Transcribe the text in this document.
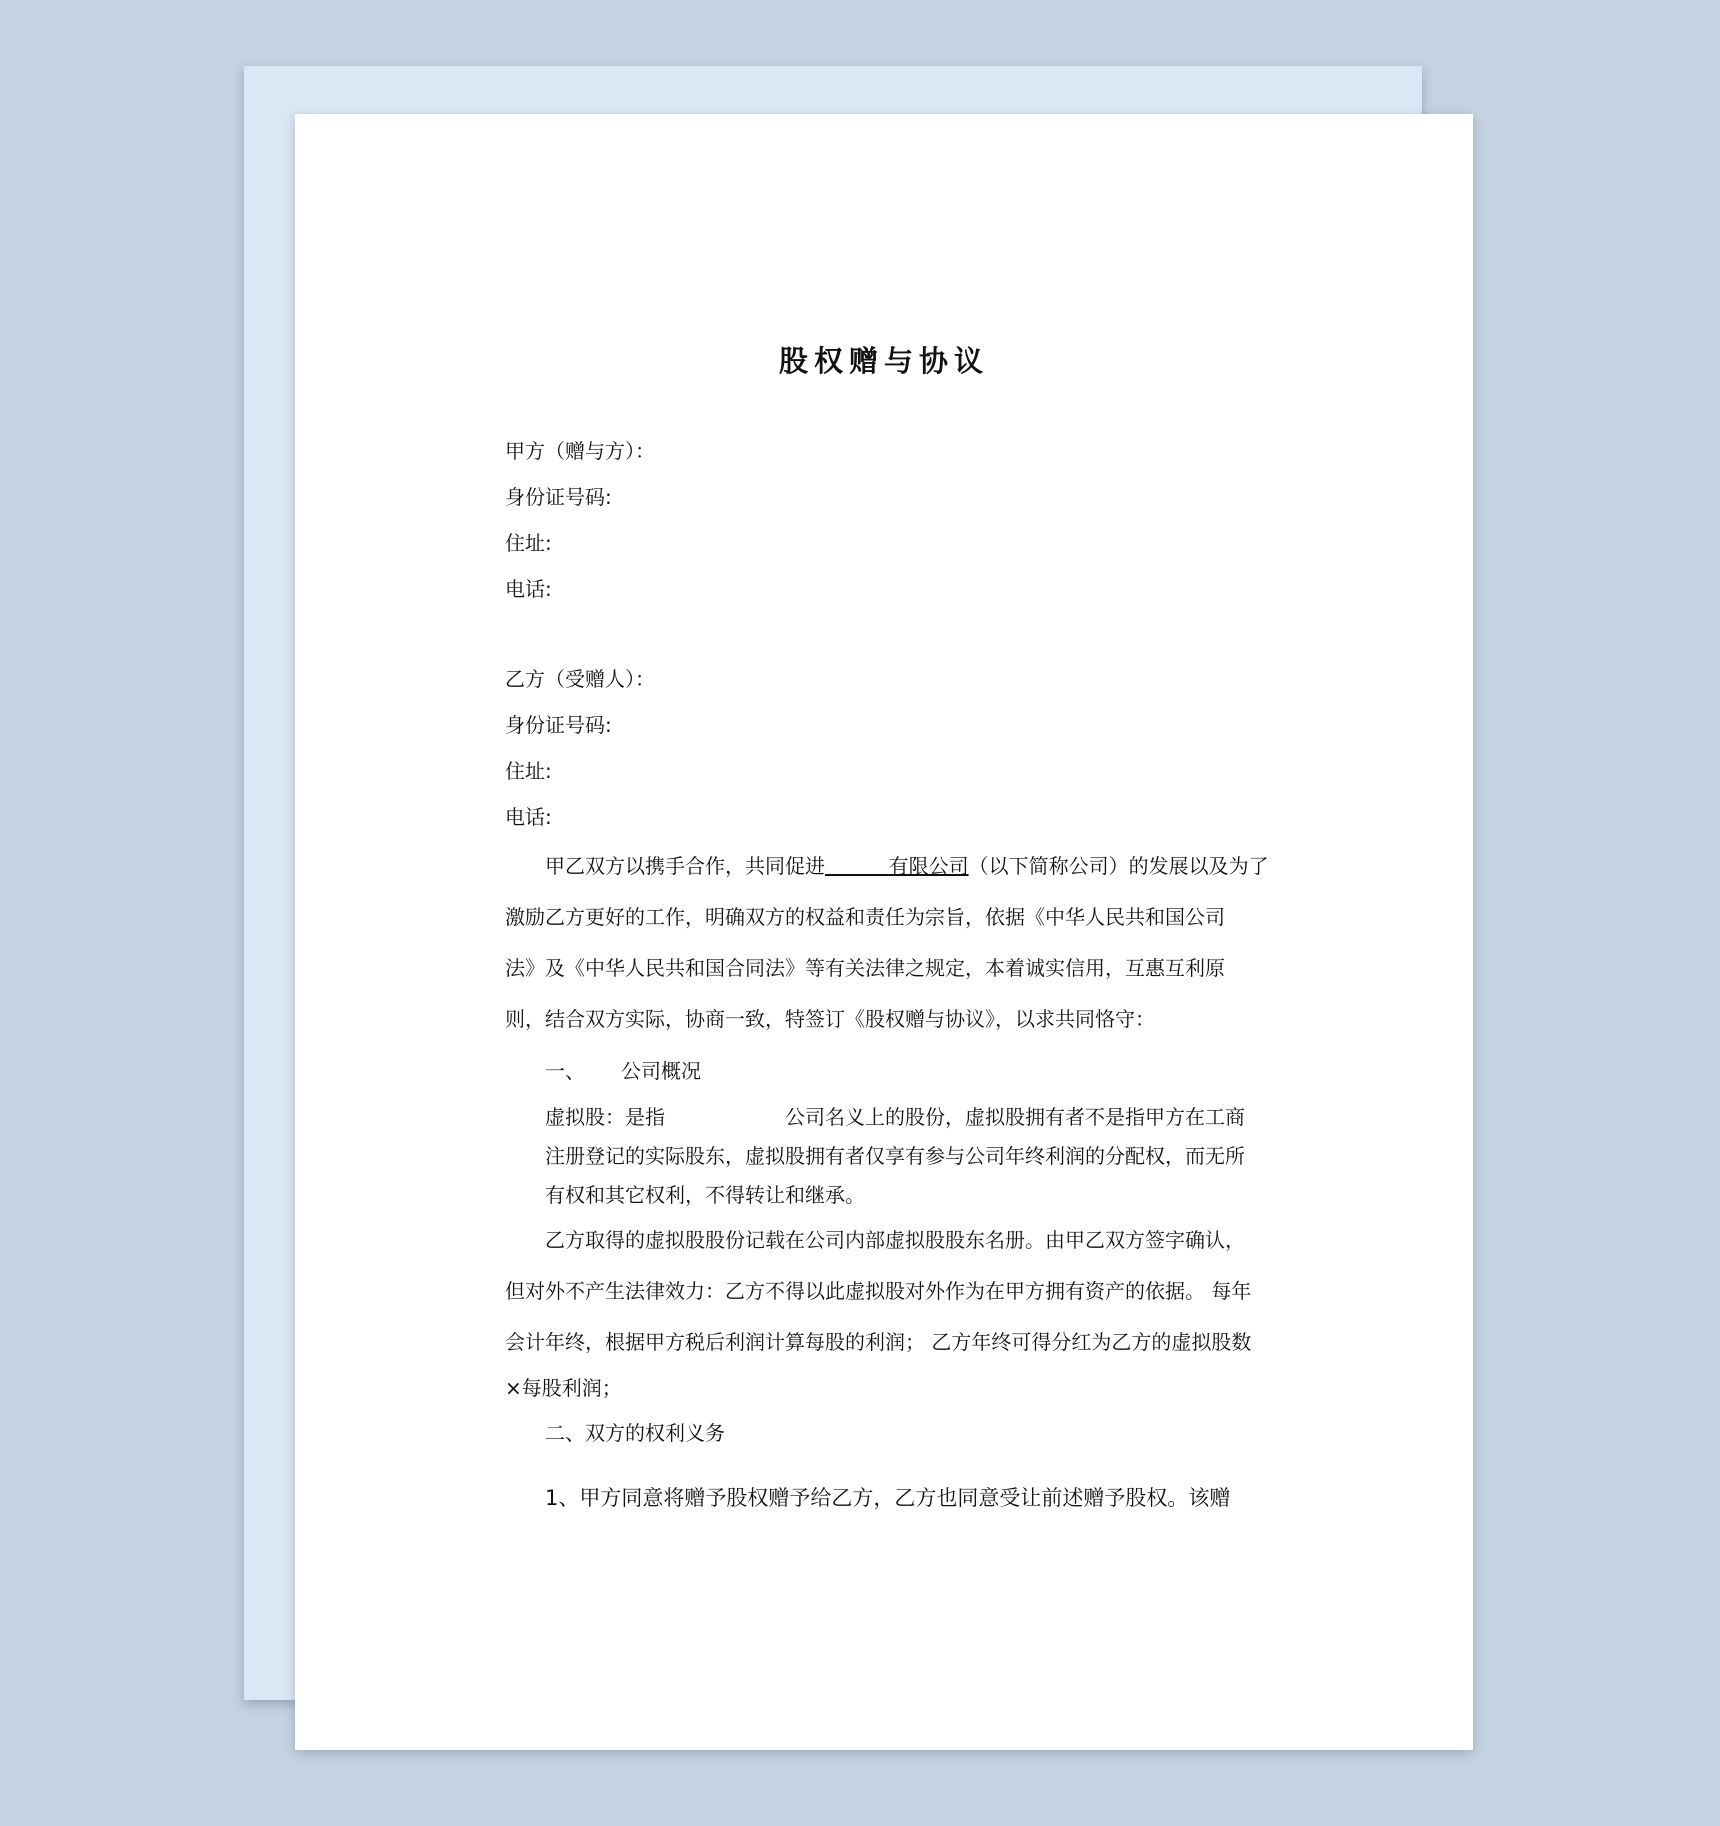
股权赠与协议

甲方（赠与方）：

身份证号码:

住址:

电话:

乙方（受赠人）：

身份证号码:

住址:

电话:

甲乙双方以携手合作，共同促进	有限公司（以下简称公司）的发展以及为了

激励乙方更好的工作，明确双方的权益和责任为宗旨，依据《中华人民共和国公司

法》及《中华人民共和国合同法》等有关法律之规定，本着诚实信用，互惠互利原

则，结合双方实际，协商一致，特签订《股权赠与协议》，以求共同恪守：

一、 公司概况

虚拟股：是指	公司名义上的股份，虚拟股拥有者不是指甲方在工商

注册登记的实际股东，虚拟股拥有者仅享有参与公司年终利润的分配权，而无所

有权和其它权利，不得转让和继承。

乙方取得的虚拟股股份记载在公司内部虚拟股股东名册。由甲乙双方签字确认，

但对外不产生法律效力：乙方不得以此虚拟股对外作为在甲方拥有资产的依据。 每年

会计年终，根据甲方税后利润计算每股的利润； 乙方年终可得分红为乙方的虚拟股数

×每股利润；

二、双方的权利义务

1、甲方同意将赠予股权赠予给乙方，乙方也同意受让前述赠予股权。该赠
